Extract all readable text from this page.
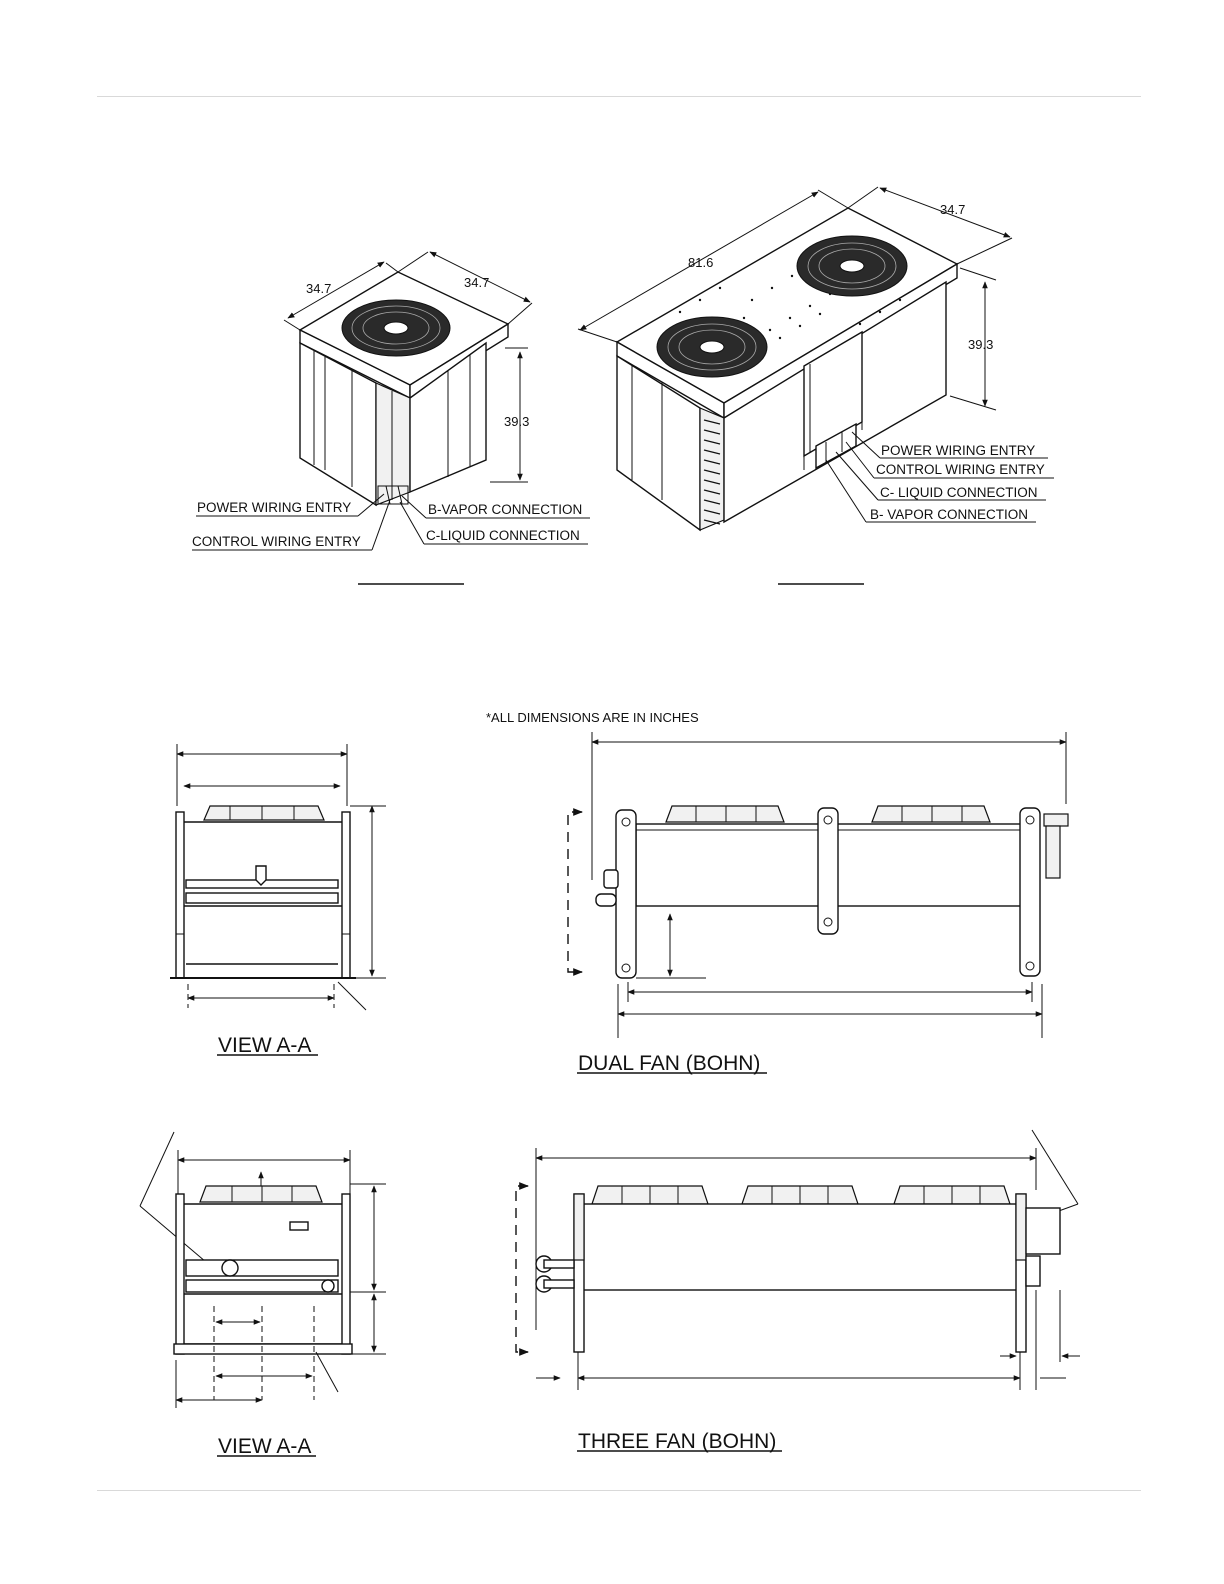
34.7	34.7
39.3
POWER WIRING ENTRY
CONTROL WIRING ENTRY
B-VAPOR CONNECTION
C-LIQUID CONNECTION
81.6
34.7
39.3
POWER WIRING ENTRY
CONTROL WIRING ENTRY
C- LIQUID CONNECTION
B- VAPOR CONNECTION
*ALL DIMENSIONS ARE IN INCHES
VIEW A-A
DUAL FAN (BOHN)
VIEW A-A	THREE FAN (BOHN)
